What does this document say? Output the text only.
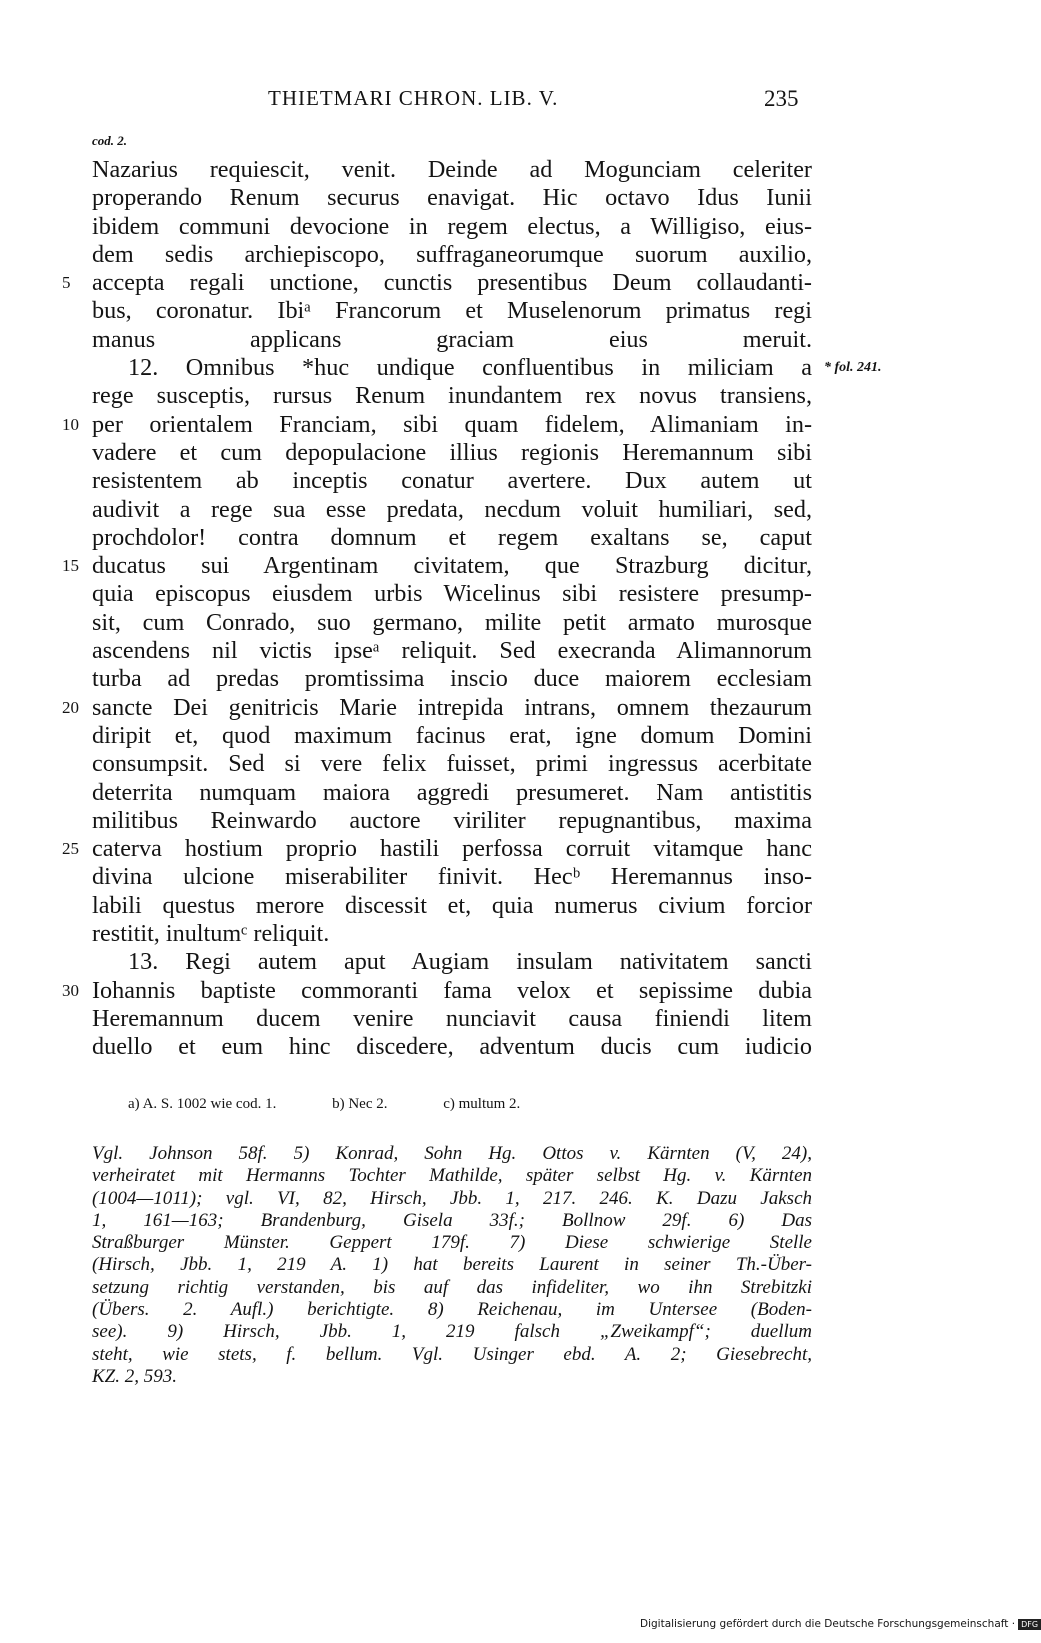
THIETMARI CHRON. LIB. V.	235
cod. 2.
Nazarius requiescit, venit. Deinde ad Mogunciam celeriter
properando Renum securus enavigat. Hic octavo Idus Iunii
ibidem communi devocione in regem electus, a Willigiso, eius-
dem sedis archiepiscopo, suffraganeorumque suorum auxilio,
5 accepta regali unctione, cunctis presentibus Deum collaudanti-
bus, coronatur. Ibiᵃ Francorum et Muselenorum primatus regi
manus applicans graciam eius meruit.
12. Omnibus *huc undique confluentibus in miliciam a * fol. 241.
rege susceptis, rursus Renum inundantem rex novus transiens,
10 per orientalem Franciam, sibi quam fidelem, Alimaniam in-
vadere et cum depopulacione illius regionis Heremannum sibi
resistentem ab inceptis conatur avertere. Dux autem ut
audivit a rege sua esse predata, necdum voluit humiliari, sed,
prochdolor! contra domnum et regem exaltans se, caput
15 ducatus sui Argentinam civitatem, que Strazburg dicitur,
quia episcopus eiusdem urbis Wicelinus sibi resistere presump-
sit, cum Conrado, suo germano, milite petit armato murosque
ascendens nil victis ipseᵃ reliquit. Sed execranda Alimannorum
turba ad predas promtissima inscio duce maiorem ecclesiam
20 sancte Dei genitricis Marie intrepida intrans, omnem thezaurum
diripit et, quod maximum facinus erat, igne domum Domini
consumpsit. Sed si vere felix fuisset, primi ingressus acerbitate
deterrita numquam maiora aggredi presumeret. Nam antistitis
militibus Reinwardo auctore viriliter repugnantibus, maxima
25 caterva hostium proprio hastili perfossa corruit vitamque hanc
divina ulcione miserabiliter finivit. Hecᵇ Heremannus inso-
labili questus merore discessit et, quia numerus civium forcior
restitit, inultumᶜ reliquit.
13. Regi autem aput Augiam insulam nativitatem sancti
30 Iohannis baptiste commoranti fama velox et sepissime dubia
Heremannum ducem venire nunciavit causa finiendi litem
duello et eum hinc discedere, adventum ducis cum iudicio
a) A. S. 1002 wie cod. 1.	b) Nec 2.	c) multum 2.
Vgl. Johnson 58f. 5) Konrad, Sohn Hg. Ottos v. Kärnten (V, 24),
verheiratet mit Hermanns Tochter Mathilde, später selbst Hg. v. Kärnten
(1004—1011); vgl. VI, 82, Hirsch, Jbb. 1, 217. 246. K. Dazu Jaksch
1, 161—163; Brandenburg, Gisela 33f.; Bollnow 29f. 6) Das
Straßburger Münster. Geppert 179f. 7) Diese schwierige Stelle
(Hirsch, Jbb. 1, 219 A. 1) hat bereits Laurent in seiner Th.-Über-
setzung richtig verstanden, bis auf das infideliter, wo ihn Strebitzki
(Übers. 2. Aufl.) berichtigte. 8) Reichenau, im Untersee (Boden-
see). 9) Hirsch, Jbb. 1, 219 falsch „Zweikampf“; duellum
steht, wie stets, f. bellum. Vgl. Usinger ebd. A. 2; Giesebrecht,
KZ. 2, 593.
Digitalisierung gefördert durch die Deutsche Forschungsgemeinschaft · DFG
